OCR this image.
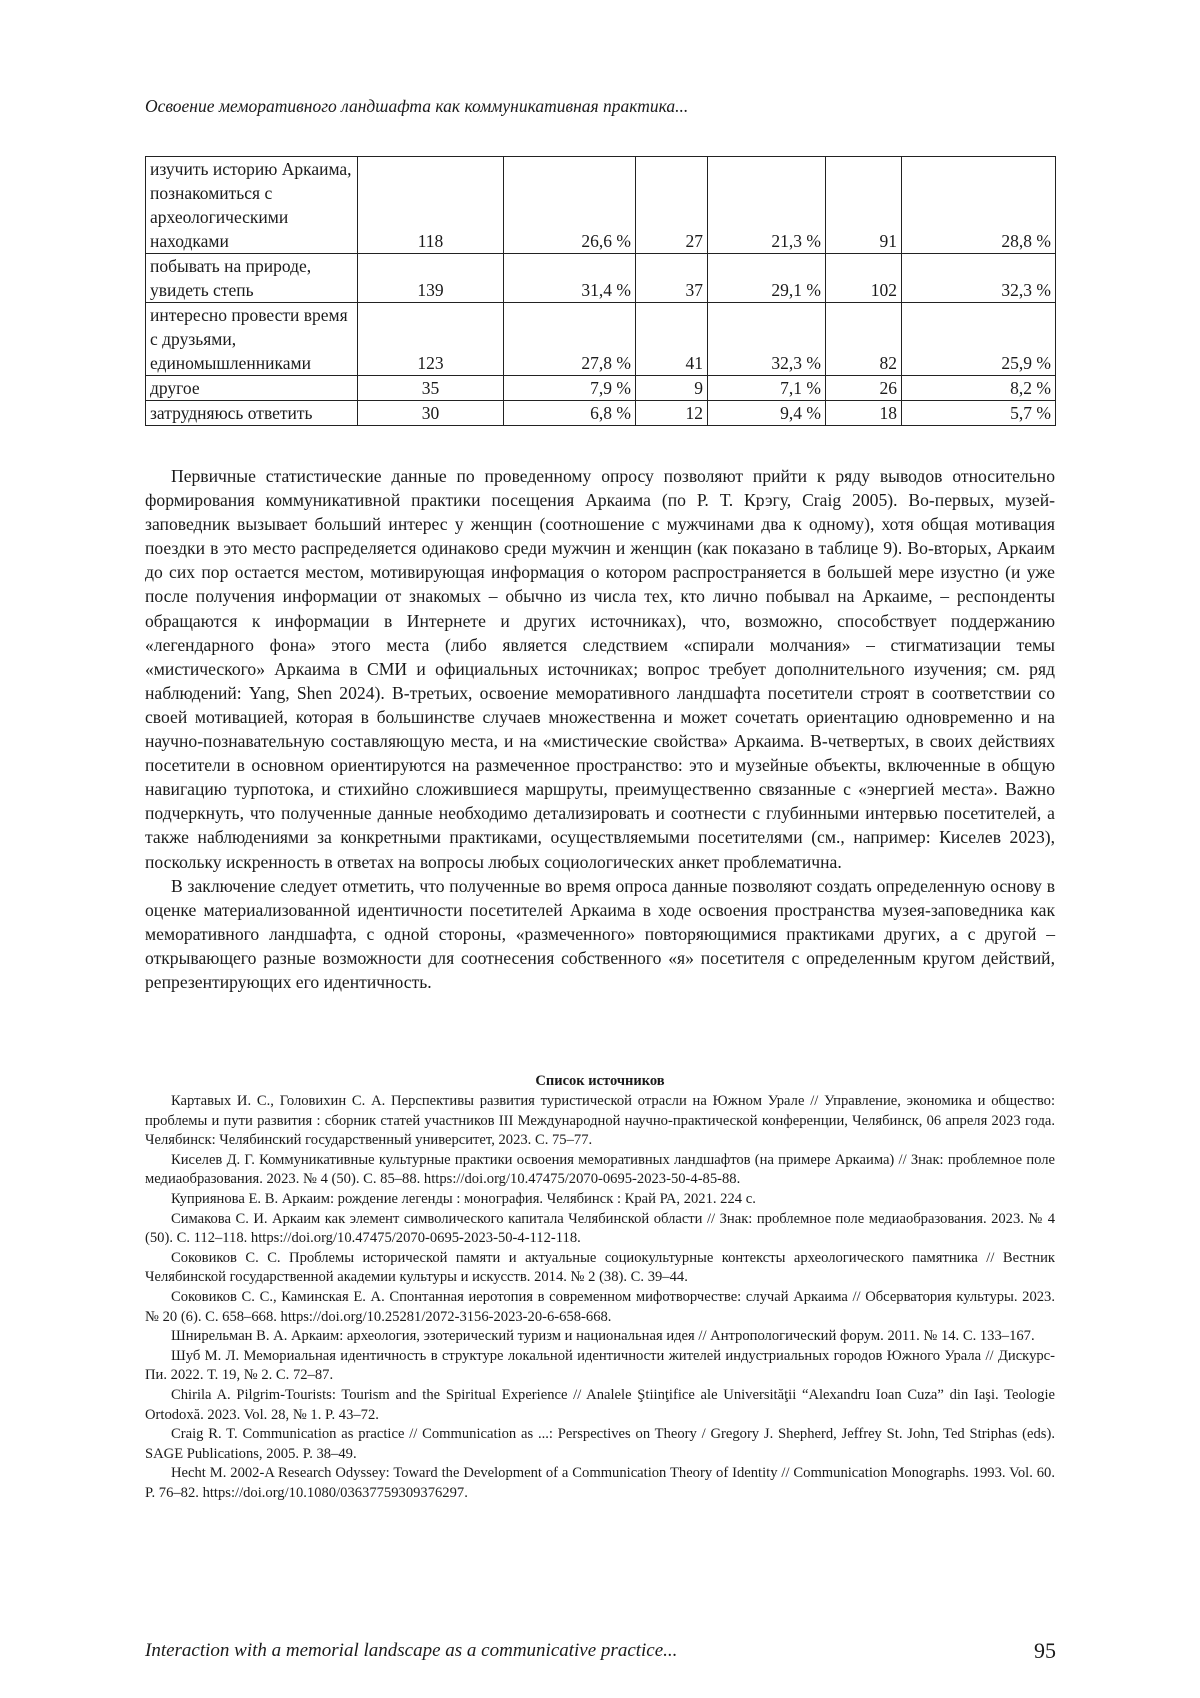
Освоение меморативного ландшафта как коммуникативная практика...
изучить историю Аркаима, познакомиться с археологическими находками	118	26,6 %	27	21,3 %	91	28,8 %
побывать на природе, увидеть степь	139	31,4 %	37	29,1 %	102	32,3 %
интересно провести время с друзьями, единомышленниками	123	27,8 %	41	32,3 %	82	25,9 %
другое	35	7,9 %	9	7,1 %	26	8,2 %
затрудняюсь ответить	30	6,8 %	12	9,4 %	18	5,7 %

Первичные статистические данные по проведенному опросу позволяют прийти к ряду выводов относительно формирования коммуникативной практики посещения Аркаима (по Р. Т. Крэгу, Craig 2005). Во-первых, музей-заповедник вызывает больший интерес у женщин (соотношение с мужчинами два к одному), хотя общая мотивация поездки в это место распределяется одинаково среди мужчин и женщин (как показано в таблице 9). Во-вторых, Аркаим до сих пор остается местом, мотивирующая информация о котором распространяется в большей мере изустно (и уже после получения информации от знакомых – обычно из числа тех, кто лично побывал на Аркаиме, – респонденты обращаются к информации в Интернете и других источниках), что, возможно, способствует поддержанию «легендарного фона» этого места (либо является следствием «спирали молчания» – стигматизации темы «мистического» Аркаима в СМИ и официальных источниках; вопрос требует дополнительного изучения; см. ряд наблюдений: Yang, Shen 2024). В-третьих, освоение меморативного ландшафта посетители строят в соответствии со своей мотивацией, которая в большинстве случаев множественна и может сочетать ориентацию одновременно и на научно-познавательную составляющую места, и на «мистические свойства» Аркаима. В-четвертых, в своих действиях посетители в основном ориентируются на размеченное пространство: это и музейные объекты, включенные в общую навигацию турпотока, и стихийно сложившиеся маршруты, преимущественно связанные с «энергией места». Важно подчеркнуть, что полученные данные необходимо детализировать и соотнести с глубинными интервью посетителей, а также наблюдениями за конкретными практиками, осуществляемыми посетителями (см., например: Киселев 2023), поскольку искренность в ответах на вопросы любых социологических анкет проблематична.

В заключение следует отметить, что полученные во время опроса данные позволяют создать определенную основу в оценке материализованной идентичности посетителей Аркаима в ходе освоения пространства музея-заповедника как меморативного ландшафта, с одной стороны, «размеченного» повторяющимися практиками других, а с другой – открывающего разные возможности для соотнесения собственного «я» посетителя с определенным кругом действий, репрезентирующих его идентичность.

Список источников

Картавых И. С., Головихин С. А. Перспективы развития туристической отрасли на Южном Урале // Управление, экономика и общество: проблемы и пути развития : сборник статей участников III Международной научно-практической конференции, Челябинск, 06 апреля 2023 года. Челябинск: Челябинский государственный университет, 2023. С. 75–77.

Киселев Д. Г. Коммуникативные культурные практики освоения меморативных ландшафтов (на примере Аркаима) // Знак: проблемное поле медиаобразования. 2023. № 4 (50). С. 85–88. https://doi.org/10.47475/2070-0695-2023-50-4-85-88.

Куприянова Е. В. Аркаим: рождение легенды : монография. Челябинск : Край РА, 2021. 224 с.

Симакова С. И. Аркаим как элемент символического капитала Челябинской области // Знак: проблемное поле медиаобразования. 2023. № 4 (50). С. 112–118. https://doi.org/10.47475/2070-0695-2023-50-4-112-118.

Соковиков С. С. Проблемы исторической памяти и актуальные социокультурные контексты археологического памятника // Вестник Челябинской государственной академии культуры и искусств. 2014. № 2 (38). С. 39–44.

Соковиков С. С., Каминская Е. А. Спонтанная иеротопия в современном мифотворчестве: случай Аркаима // Обсерватория культуры. 2023. № 20 (6). С. 658–668. https://doi.org/10.25281/2072-3156-2023-20-6-658-668.

Шнирельман В. А. Аркаим: археология, эзотерический туризм и национальная идея // Антропологический форум. 2011. № 14. С. 133–167.

Шуб М. Л. Мемориальная идентичность в структуре локальной идентичности жителей индустриальных городов Южного Урала // Дискурс-Пи. 2022. Т. 19, № 2. С. 72–87.

Chirila A. Pilgrim-Tourists: Tourism and the Spiritual Experience // Analele Ştiinţifice ale Universităţii “Alexandru Ioan Cuza” din Iaşi. Teologie Ortodoxă. 2023. Vol. 28, № 1. P. 43–72.

Craig R. T. Communication as practice // Communication as ...: Perspectives on Theory / Gregory J. Shepherd, Jeffrey St. John, Ted Striphas (eds). SAGE Publications, 2005. P. 38–49.

Hecht M. 2002-A Research Odyssey: Toward the Development of a Communication Theory of Identity // Communication Monographs. 1993. Vol. 60. P. 76–82. https://doi.org/10.1080/03637759309376297.

Interaction with a memorial landscape as a communicative practice...	95
